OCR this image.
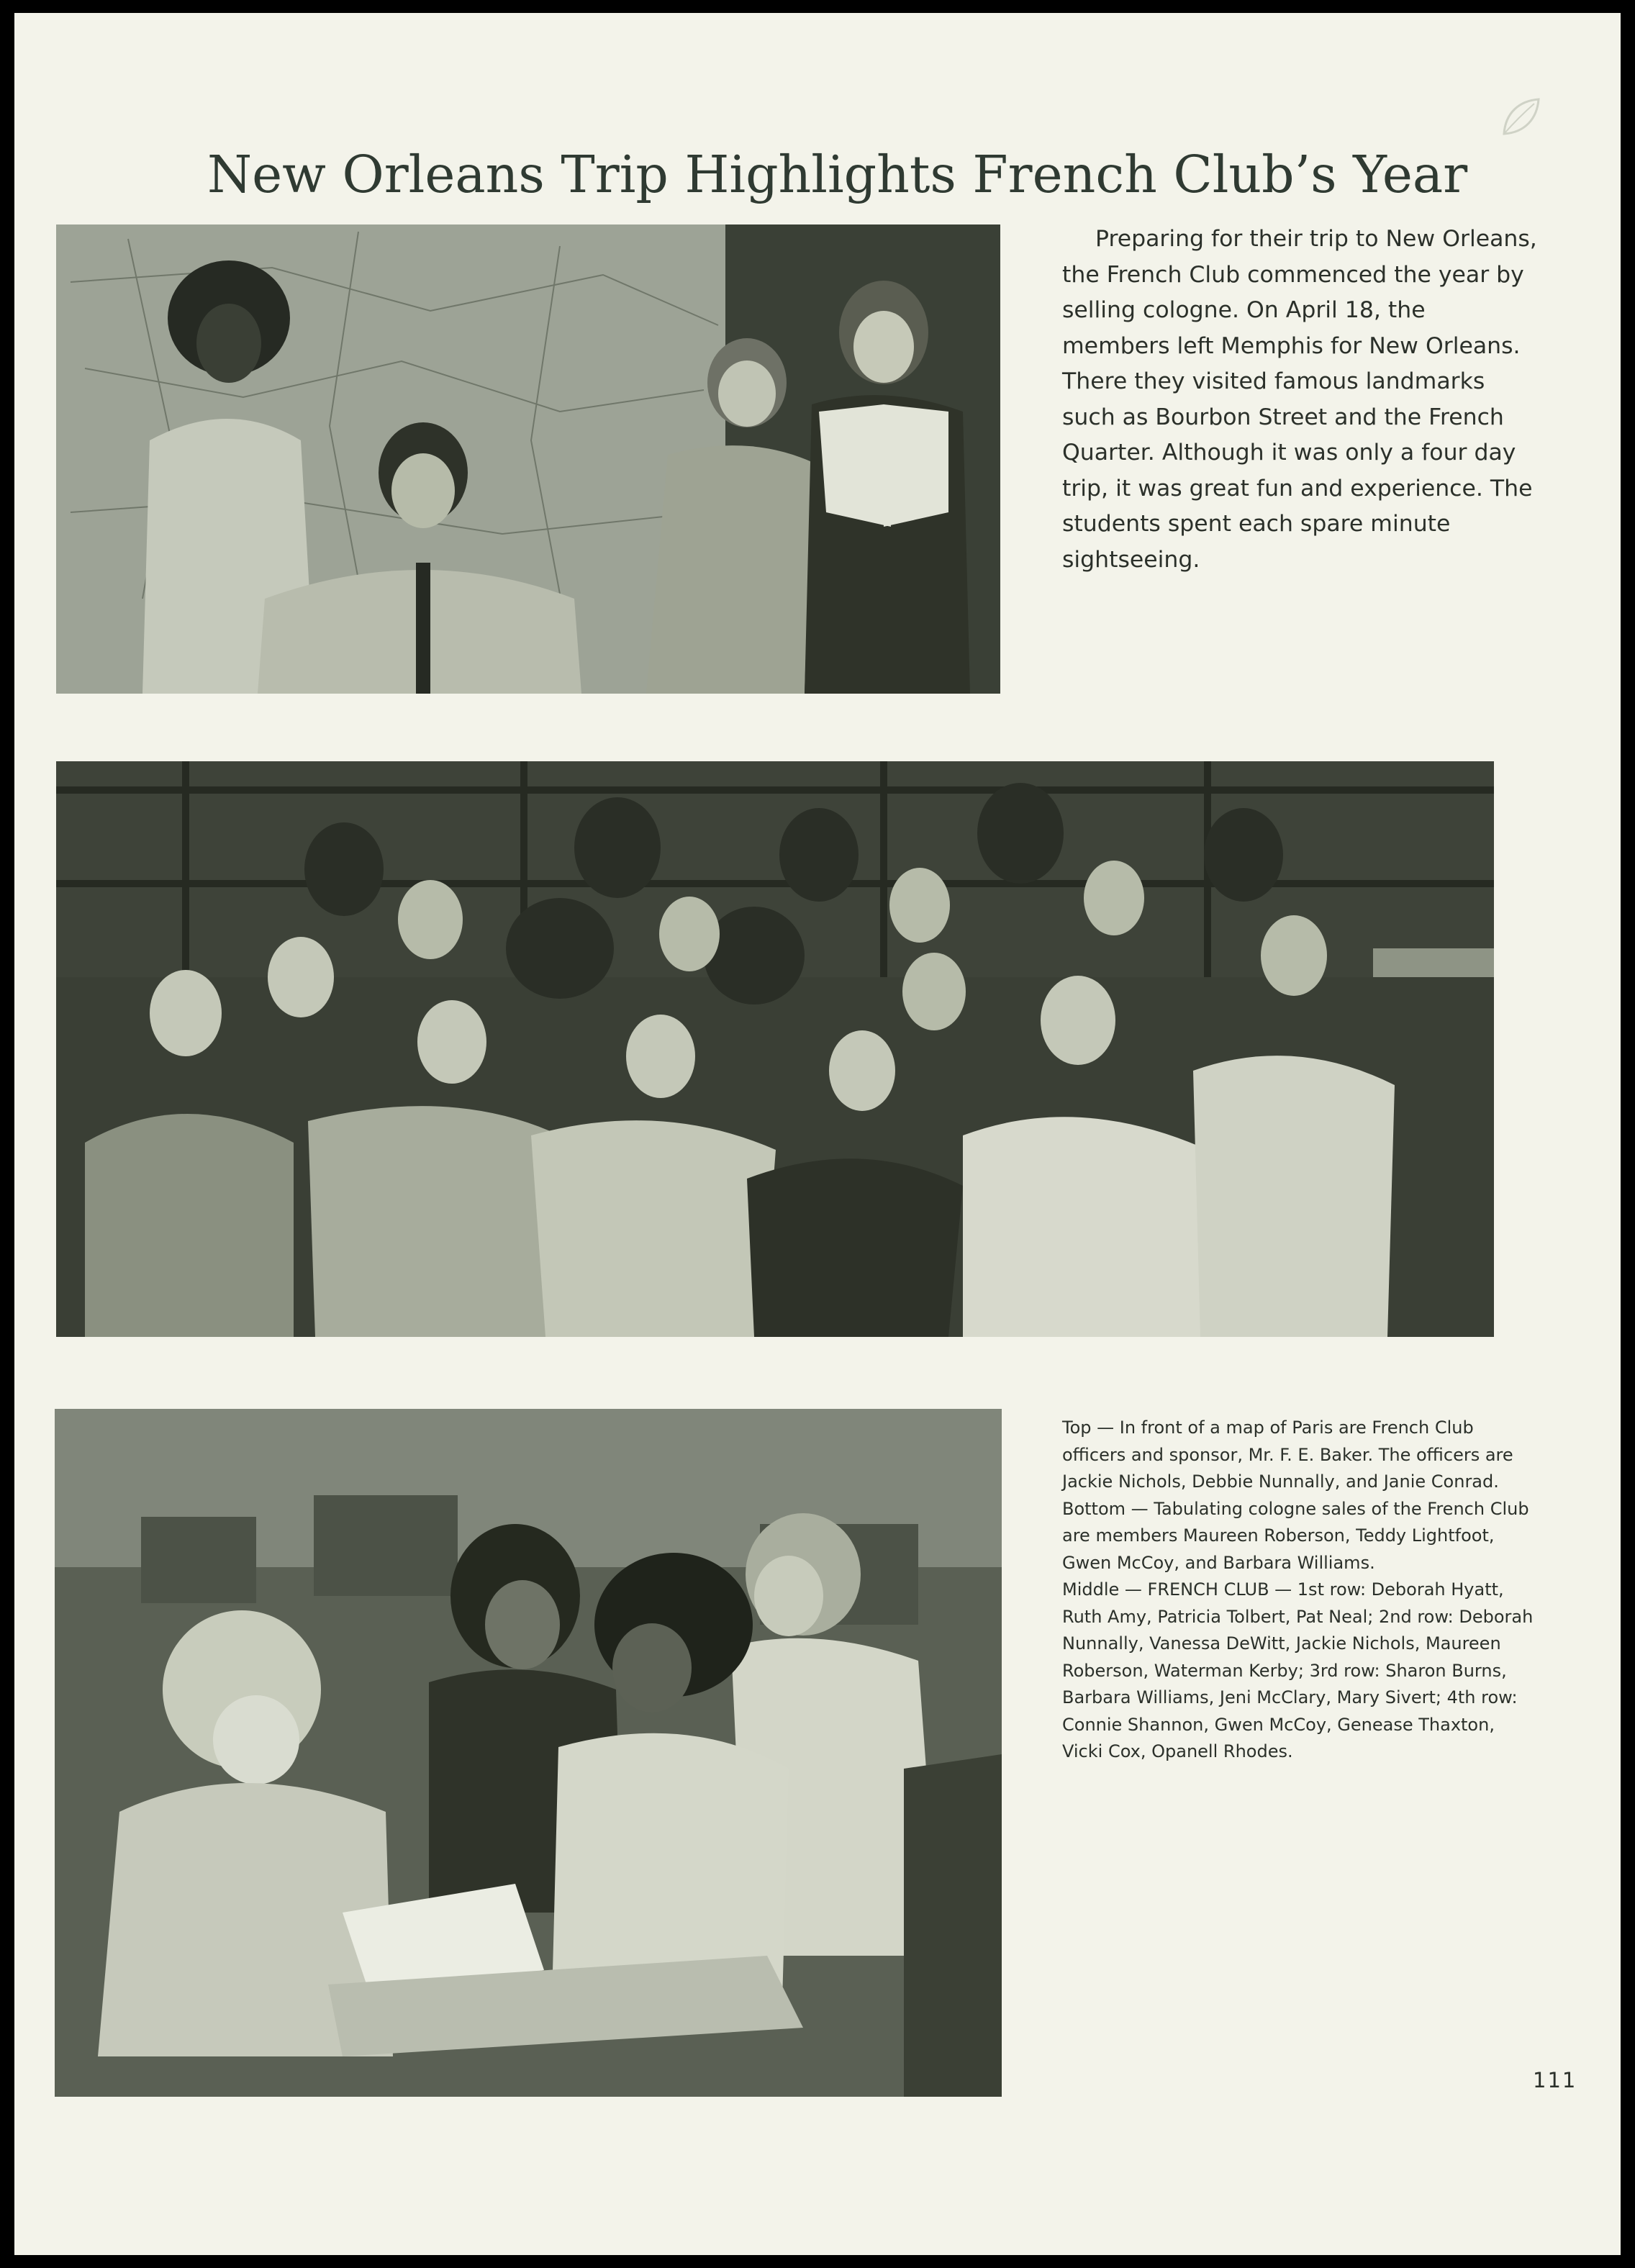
New Orleans Trip Highlights French Club’s Year

Preparing for their trip to New Orleans, the French Club commenced the year by selling cologne. On April 18, the members left Memphis for New Orleans. There they visited famous landmarks such as Bourbon Street and the French Quarter. Although it was only a four day trip, it was great fun and experience. The students spent each spare minute sightseeing.

Top — In front of a map of Paris are French Club officers and sponsor, Mr. F. E. Baker. The officers are Jackie Nichols, Debbie Nunnally, and Janie Conrad.

Bottom — Tabulating cologne sales of the French Club are members Maureen Roberson, Teddy Lightfoot, Gwen McCoy, and Barbara Williams.

Middle — FRENCH CLUB — 1st row: Deborah Hyatt, Ruth Amy, Patricia Tolbert, Pat Neal; 2nd row: Deborah Nunnally, Vanessa DeWitt, Jackie Nichols, Maureen Roberson, Waterman Kerby; 3rd row: Sharon Burns, Barbara Williams, Jeni McClary, Mary Sivert; 4th row: Connie Shannon, Gwen McCoy, Genease Thaxton, Vicki Cox, Opanell Rhodes.

111
